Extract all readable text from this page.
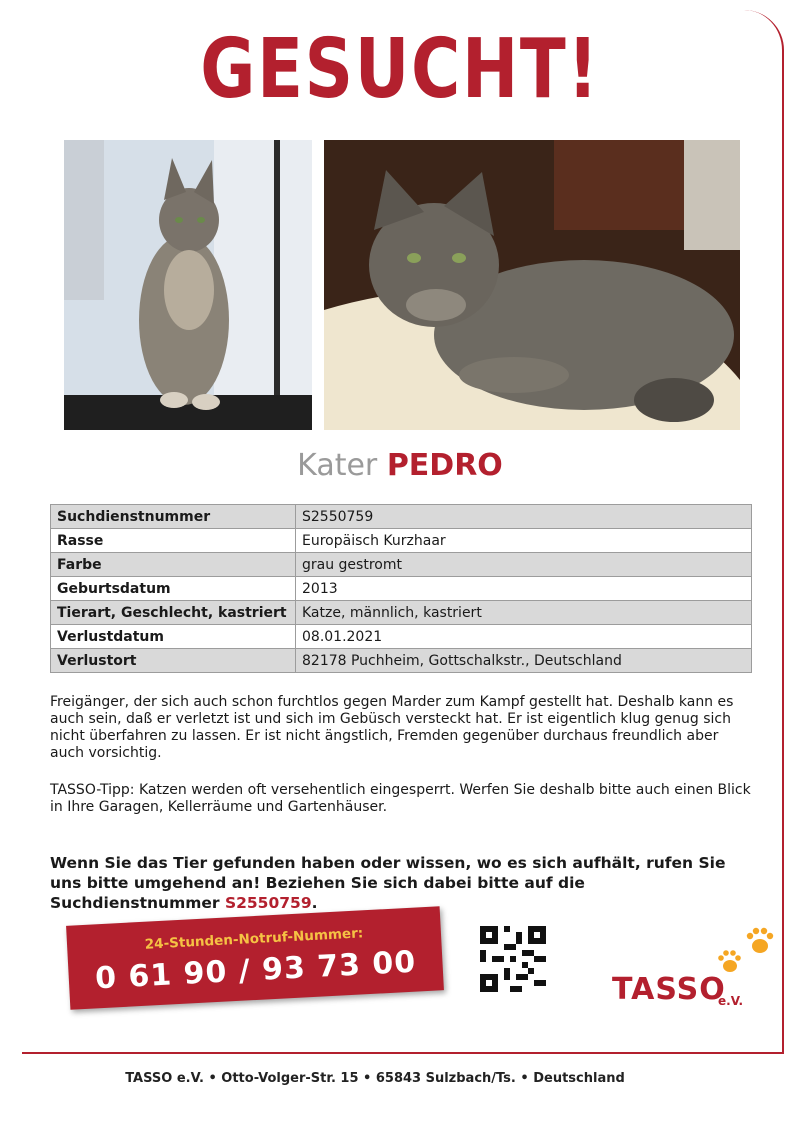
GESUCHT!
Kater PEDRO
Suchdienstnummer	S2550759
Rasse	Europäisch Kurzhaar
Farbe	grau gestromt
Geburtsdatum	2013
Tierart, Geschlecht, kastriert	Katze, männlich, kastriert
Verlustdatum	08.01.2021
Verlustort	82178 Puchheim, Gottschalkstr., Deutschland
Freigänger, der sich auch schon furchtlos gegen Marder zum Kampf gestellt hat. Deshalb kann es auch sein, daß er verletzt ist und sich im Gebüsch versteckt hat. Er ist eigentlich klug genug sich nicht überfahren zu lassen. Er ist nicht ängstlich, Fremden gegenüber durchaus freundlich aber auch vorsichtig.
TASSO-Tipp: Katzen werden oft versehentlich eingesperrt. Werfen Sie deshalb bitte auch einen Blick in Ihre Garagen, Kellerräume und Gartenhäuser.
Wenn Sie das Tier gefunden haben oder wissen, wo es sich aufhält, rufen Sie uns bitte umgehend an! Beziehen Sie sich dabei bitte auf die Suchdienstnummer S2550759.
24-Stunden-Notruf-Nummer:
0 61 90 / 93 73 00	TASSO
e.V.
TASSO e.V. • Otto-Volger-Str. 15 • 65843 Sulzbach/Ts. • Deutschland
